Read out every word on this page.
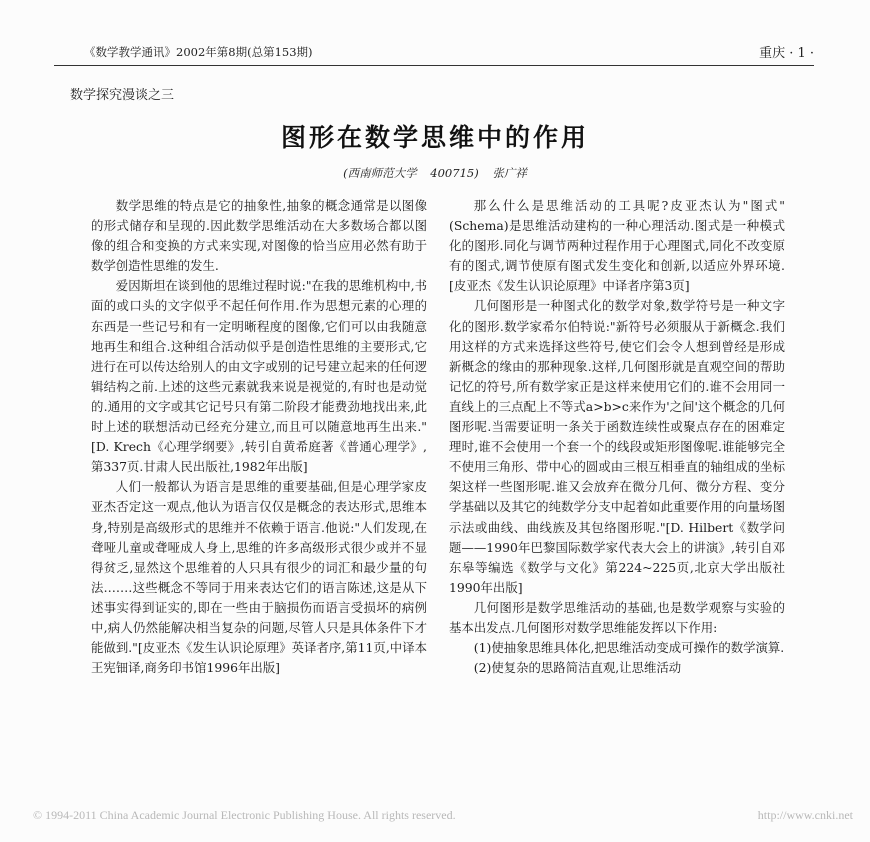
《数学教学通讯》2002年第8期(总第153期)	重庆 · 1 ·
数学探究漫谈之三
图形在数学思维中的作用
(西南师范大学 400715) 张广祥

数学思维的特点是它的抽象性,抽象的概念通常是以图像的形式储存和呈现的.因此数学思维活动在大多数场合都以图像的组合和变换的方式来实现,对图像的恰当应用必然有助于数学创造性思维的发生.

爱因斯坦在谈到他的思维过程时说:"在我的思维机构中,书面的或口头的文字似乎不起任何作用.作为思想元素的心理的东西是一些记号和有一定明晰程度的图像,它们可以由我随意地再生和组合.这种组合活动似乎是创造性思维的主要形式,它进行在可以传达给别人的由文字或别的记号建立起来的任何逻辑结构之前.上述的这些元素就我来说是视觉的,有时也是动觉的.通用的文字或其它记号只有第二阶段才能费劲地找出来,此时上述的联想活动已经充分建立,而且可以随意地再生出来."[D. Krech《心理学纲要》,转引自黄希庭著《普通心理学》,第337页.甘肃人民出版社,1982年出版]

人们一般都认为语言是思维的重要基础,但是心理学家皮亚杰否定这一观点,他认为语言仅仅是概念的表达形式,思维本身,特别是高级形式的思维并不依赖于语言.他说:"人们发现,在聋哑儿童或聋哑成人身上,思维的许多高级形式很少或并不显得贫乏,显然这个思维着的人只具有很少的词汇和最少量的句法.……这些概念不等同于用来表达它们的语言陈述,这是从下述事实得到证实的,即在一些由于脑损伤而语言受损坏的病例中,病人仍然能解决相当复杂的问题,尽管人只是具体条件下才能做到."[皮亚杰《发生认识论原理》英译者序,第11页,中译本 王宪钿译,商务印书馆1996年出版]

那么什么是思维活动的工具呢?皮亚杰认为"图式"(Schema)是思维活动建构的一种心理活动.图式是一种模式化的图形.同化与调节两种过程作用于心理图式,同化不改变原有的图式,调节使原有图式发生变化和创新,以适应外界环境.[皮亚杰《发生认识论原理》中译者序第3页]

几何图形是一种图式化的数学对象,数学符号是一种文字化的图形.数学家希尔伯特说:"新符号必须服从于新概念.我们用这样的方式来选择这些符号,使它们会令人想到曾经是形成新概念的缘由的那种现象.这样,几何图形就是直观空间的帮助记忆的符号,所有数学家正是这样来使用它们的.谁不会用同一直线上的三点配上不等式a>b>c来作为'之间'这个概念的几何图形呢.当需要证明一条关于函数连续性或聚点存在的困难定理时,谁不会使用一个套一个的线段或矩形图像呢.谁能够完全不使用三角形、带中心的圆或由三根互相垂直的轴组成的坐标架这样一些图形呢.谁又会放弃在微分几何、微分方程、变分学基础以及其它的纯数学分支中起着如此重要作用的向量场图示法或曲线、曲线族及其包络图形呢."[D. Hilbert《数学问题——1990年巴黎国际数学家代表大会上的讲演》,转引自邓东皋等编选《数学与文化》第224~225页,北京大学出版社1990年出版]

几何图形是数学思维活动的基础,也是数学观察与实验的基本出发点.几何图形对数学思维能发挥以下作用:

(1)使抽象思维具体化,把思维活动变成可操作的数学演算.

(2)使复杂的思路简洁直观,让思维活动

© 1994-2011 China Academic Journal Electronic Publishing House. All rights reserved.	http://www.cnki.net
